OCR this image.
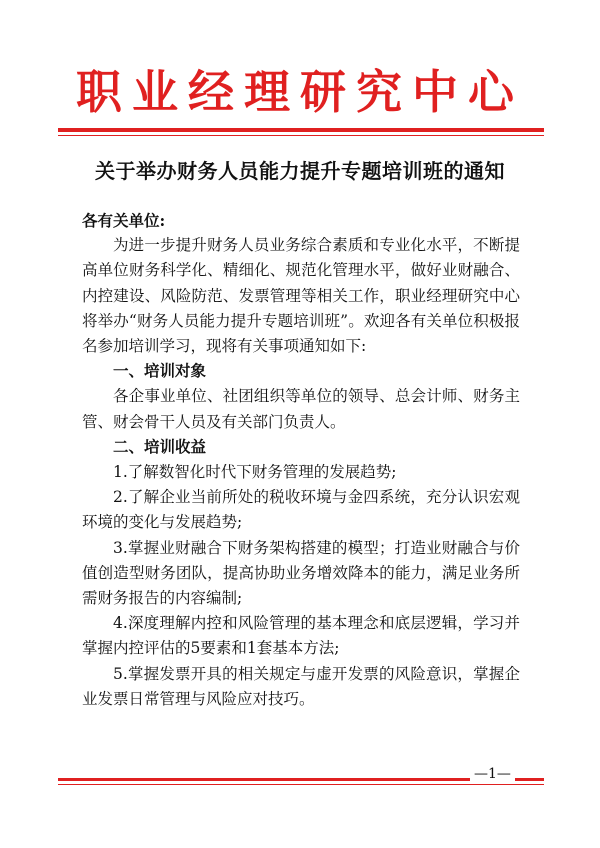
职业经理研究中心
关于举办财务人员能力提升专题培训班的通知

各有关单位:

为进一步提升财务人员业务综合素质和专业化水平，不断提高单位财务科学化、精细化、规范化管理水平，做好业财融合、内控建设、风险防范、发票管理等相关工作，职业经理研究中心将举办“财务人员能力提升专题培训班”。欢迎各有关单位积极报名参加培训学习，现将有关事项通知如下:

一、培训对象

各企事业单位、社团组织等单位的领导、总会计师、财务主管、财会骨干人员及有关部门负责人。

二、培训收益

1.了解数智化时代下财务管理的发展趋势;

2.了解企业当前所处的税收环境与金四系统，充分认识宏观环境的变化与发展趋势;

3.掌握业财融合下财务架构搭建的模型；打造业财融合与价值创造型财务团队，提高协助业务增效降本的能力，满足业务所需财务报告的内容编制;

4.深度理解内控和风险管理的基本理念和底层逻辑，学习并掌握内控评估的5要素和1套基本方法;

5.掌握发票开具的相关规定与虚开发票的风险意识，掌握企业发票日常管理与风险应对技巧。

—1—
